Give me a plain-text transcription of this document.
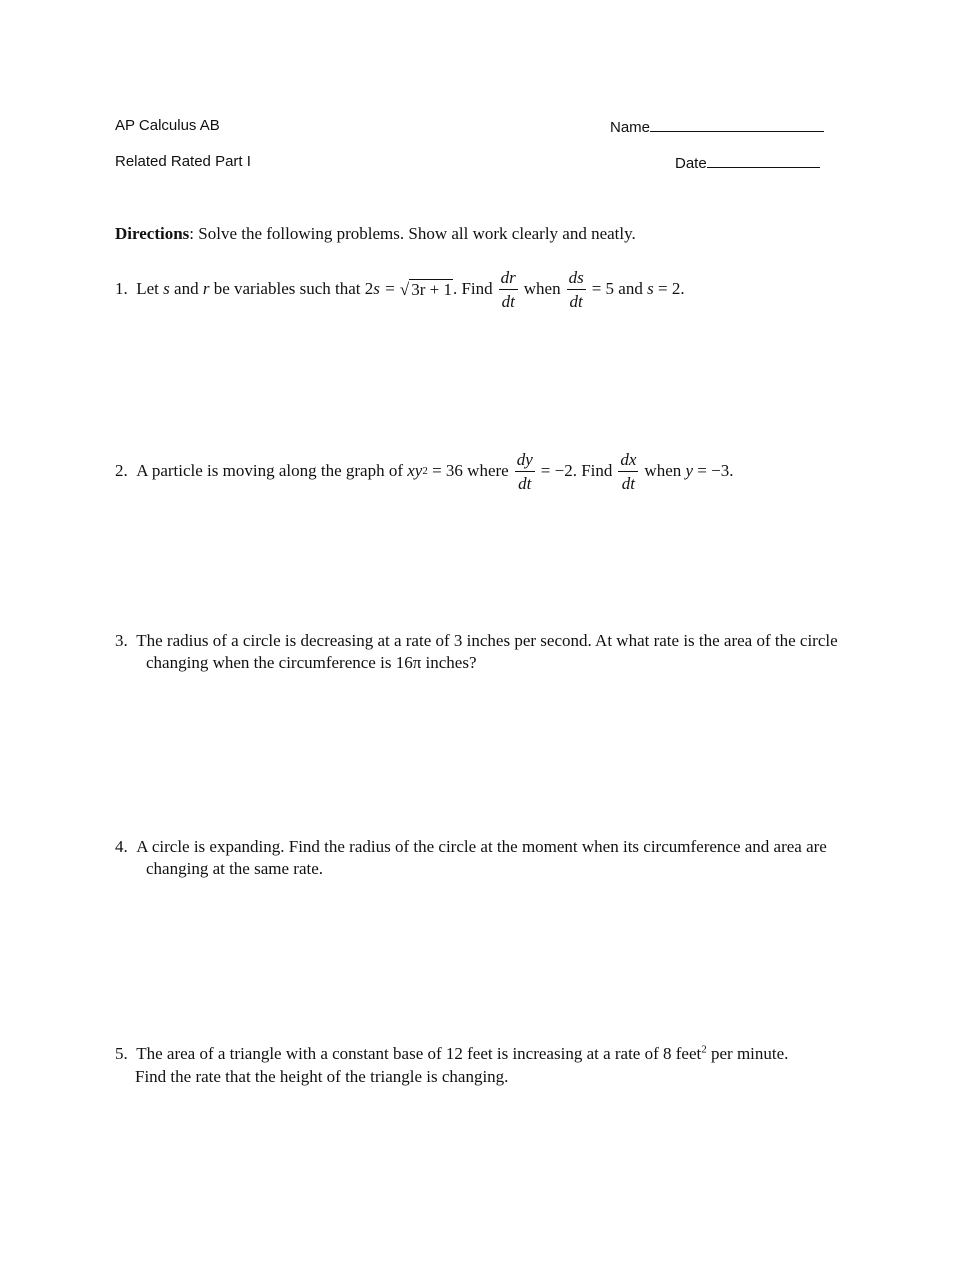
AP Calculus AB	Name
Related Rated Part I	Date
Directions: Solve the following problems. Show all work clearly and neatly.
1.
Let
s
and
r
be variables such that 2 s =
√ 3r + 1 . Find $\frac{dr}{dt}$ when $\frac{ds}{dt} = 5$ and
s
= 2.
2.
A particle is moving along the graph of
xy 2
= 36 where $\frac{dy}{dt} = -2$. Find $\frac{dx}{dt}$ when
y
= −3.
3. The radius of a circle is decreasing at a rate of 3 inches per second. At what rate is the area of the circle
changing when the circumference is 16π inches?
4. A circle is expanding. Find the radius of the circle at the moment when its circumference and area are
changing at the same rate.
5. The area of a triangle with a constant base of 12 feet is increasing at a rate of 8 feet$^2$ per minute.
Find the rate that the height of the triangle is changing.
